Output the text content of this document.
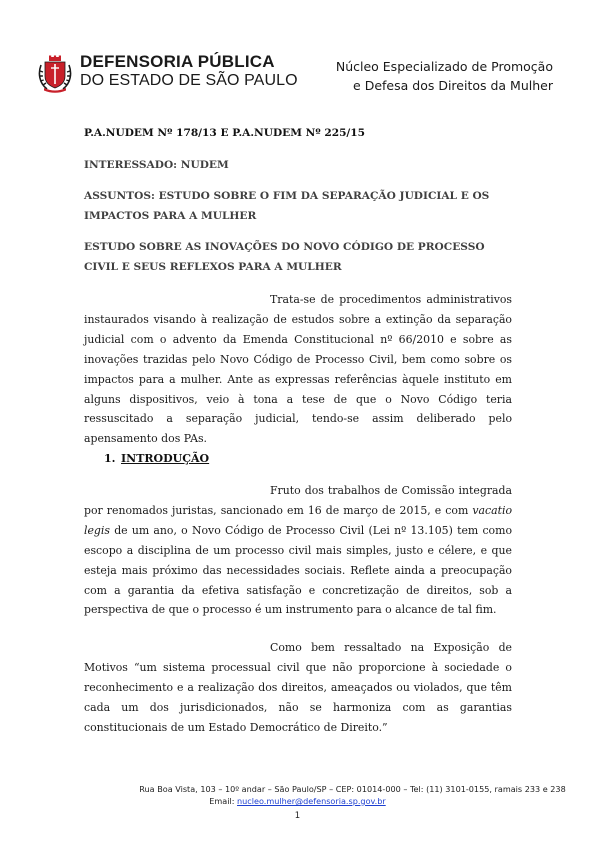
DEFENSORIA PÚBLICA
DO ESTADO DE SÃO PAULO
Núcleo Especializado de Promoção
e Defesa dos Direitos da Mulher
P.A.NUDEM Nº 178/13 E P.A.NUDEM Nº 225/15
INTERESSADO: NUDEM
ASSUNTOS: ESTUDO SOBRE O FIM DA SEPARAÇÃO JUDICIAL E OS IMPACTOS PARA A MULHER
ESTUDO SOBRE AS INOVAÇÕES DO NOVO CÓDIGO DE PROCESSO CIVIL E SEUS REFLEXOS PARA A MULHER
Trata-se de procedimentos administrativos instaurados visando à realização de estudos sobre a extinção da separação judicial com o advento da Emenda Constitucional nº 66/2010 e sobre as inovações trazidas pelo Novo Código de Processo Civil, bem como sobre os impactos para a mulher. Ante as expressas referências àquele instituto em alguns dispositivos, veio à tona a tese de que o Novo Código teria ressuscitado a separação judicial, tendo-se assim deliberado pelo apensamento dos PAs.
1. INTRODUÇÃO
Fruto dos trabalhos de Comissão integrada por renomados juristas, sancionado em 16 de março de 2015, e com vacatio legis de um ano, o Novo Código de Processo Civil (Lei nº 13.105) tem como escopo a disciplina de um processo civil mais simples, justo e célere, e que esteja mais próximo das necessidades sociais. Reflete ainda a preocupação com a garantia da efetiva satisfação e concretização de direitos, sob a perspectiva de que o processo é um instrumento para o alcance de tal fim.
Como bem ressaltado na Exposição de Motivos “um sistema processual civil que não proporcione à sociedade o reconhecimento e a realização dos direitos, ameaçados ou violados, que têm cada um dos jurisdicionados, não se harmoniza com as garantias constitucionais de um Estado Democrático de Direito.”
Rua Boa Vista, 103 – 10º andar – São Paulo/SP – CEP: 01014-000 – Tel: (11) 3101-0155, ramais 233 e 238
Email: nucleo.mulher@defensoria.sp.gov.br
1
